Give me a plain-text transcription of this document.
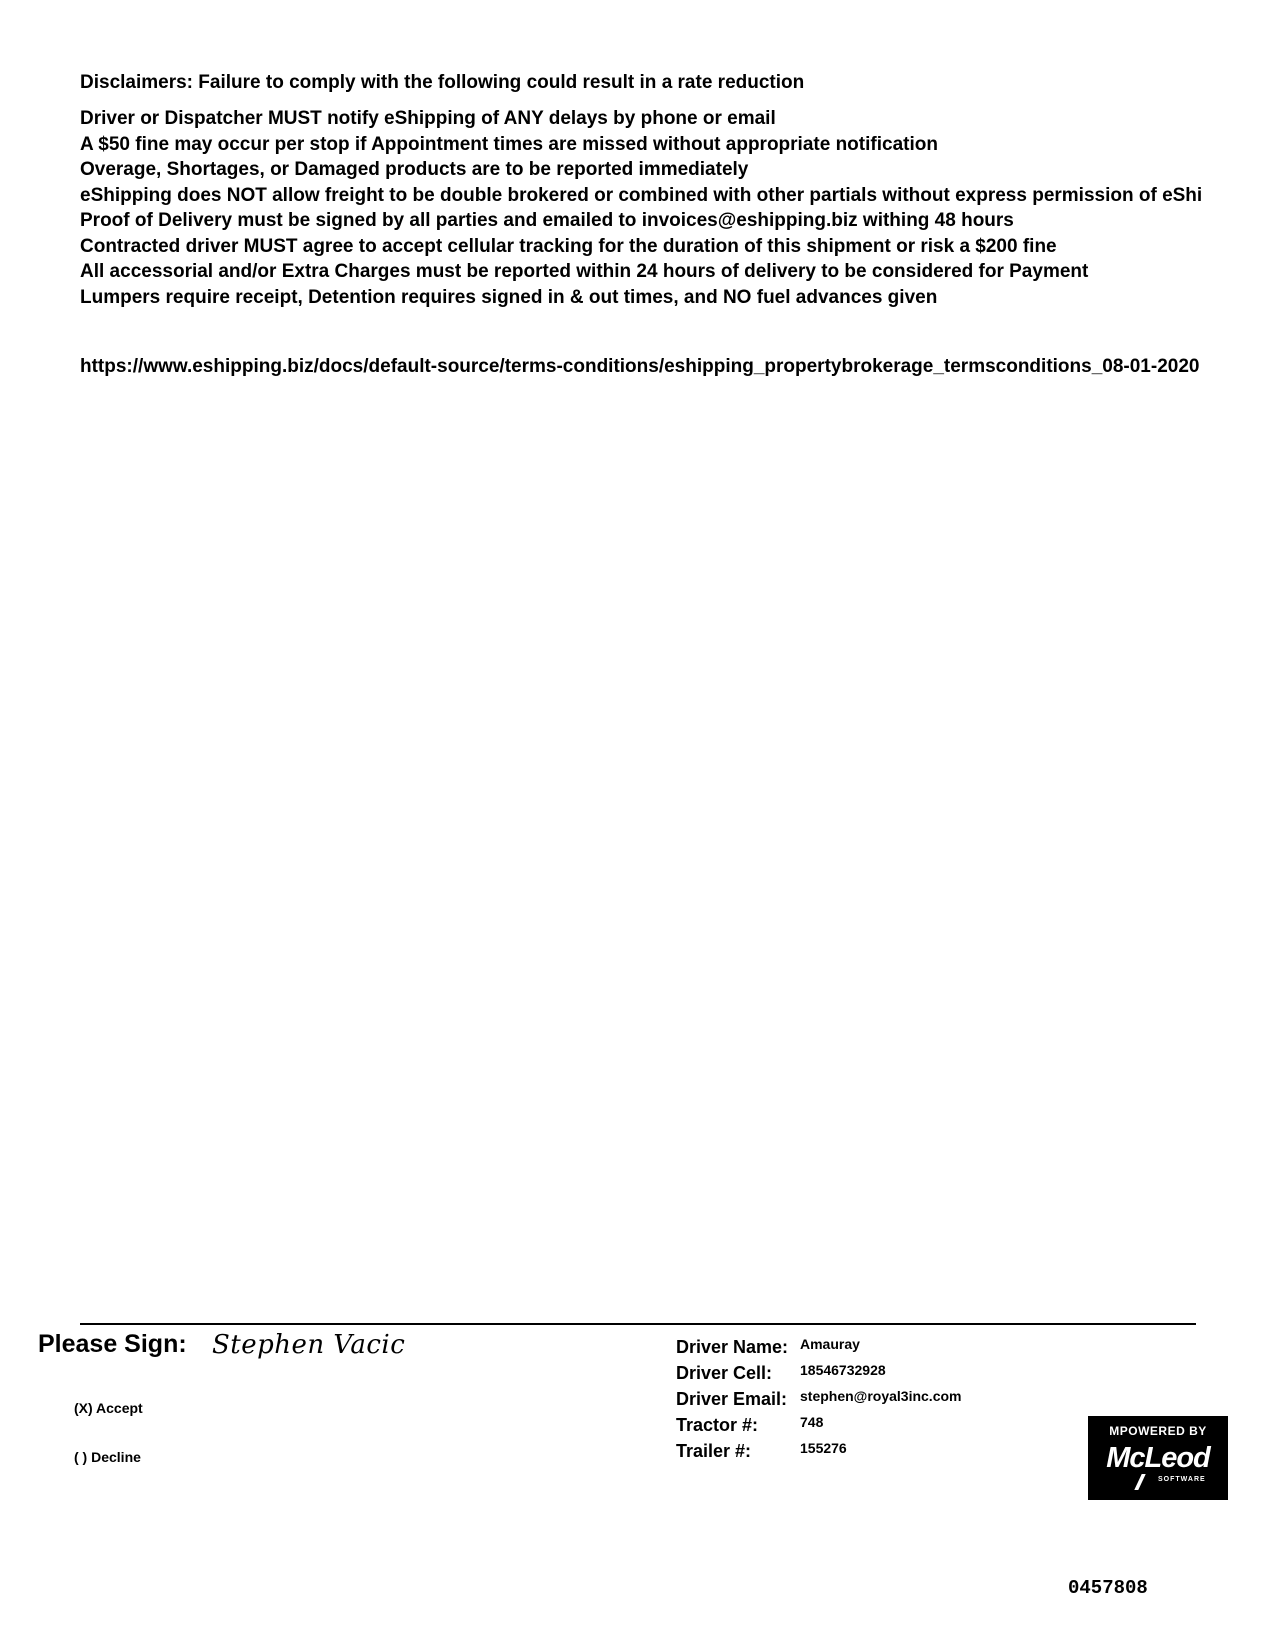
Disclaimers: Failure to comply with the following could result in a rate reduction
Driver or Dispatcher MUST notify eShipping of ANY delays by phone or email
A $50 fine may occur per stop if Appointment times are missed without appropriate notification
Overage, Shortages, or Damaged products are to be reported immediately
eShipping does NOT allow freight to be double brokered or combined with other partials without express permission of eShi
Proof of Delivery must be signed by all parties and emailed to invoices@eshipping.biz withing 48 hours
Contracted driver MUST agree to accept cellular tracking for the duration of this shipment or risk a $200 fine
All accessorial and/or Extra Charges must be reported within 24 hours of delivery to be considered for Payment
Lumpers require receipt, Detention requires signed in & out times, and NO fuel advances given
https://www.eshipping.biz/docs/default-source/terms-conditions/eshipping_propertybrokerage_termsconditions_08-01-2020
Please Sign: Stephen Vacic
(X) Accept
( ) Decline
Driver Name: Amauray
Driver Cell: 18546732928
Driver Email: stephen@royal3inc.com
Tractor #:	748
Trailer #:	155276
MPOWERED BY
McLeod
SOFTWARE
0457808
